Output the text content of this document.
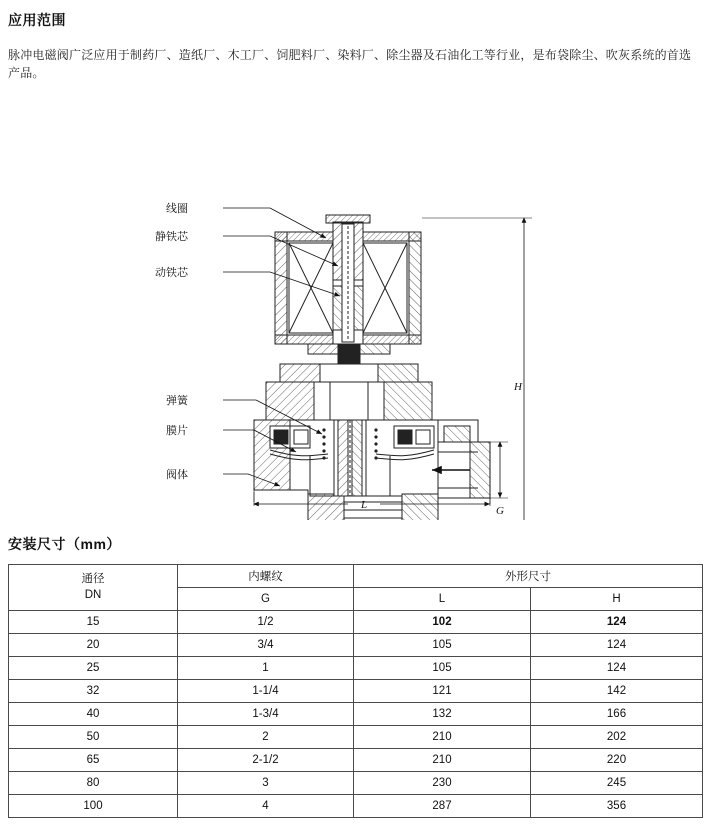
应用范围

脉冲电磁阀广泛应用于制药厂、造纸厂、木工厂、饲肥料厂、染料厂、除尘器及石油化工等行业，是布袋除尘、吹灰系统的首选产品。

线圈
静铁芯
动铁芯
弹簧
膜片
阀体
H
L	G
安装尺寸（mm）
通径
DN	内螺纹	外形尺寸	
	G	L	H
15	1/2	102	124
20	3/4	105	124
25	1	105	124
32	1-1/4	121	142
40	1-3/4	132	166
50	2	210	202
65	2-1/2	210	220
80	3	230	245
100	4	287	356
